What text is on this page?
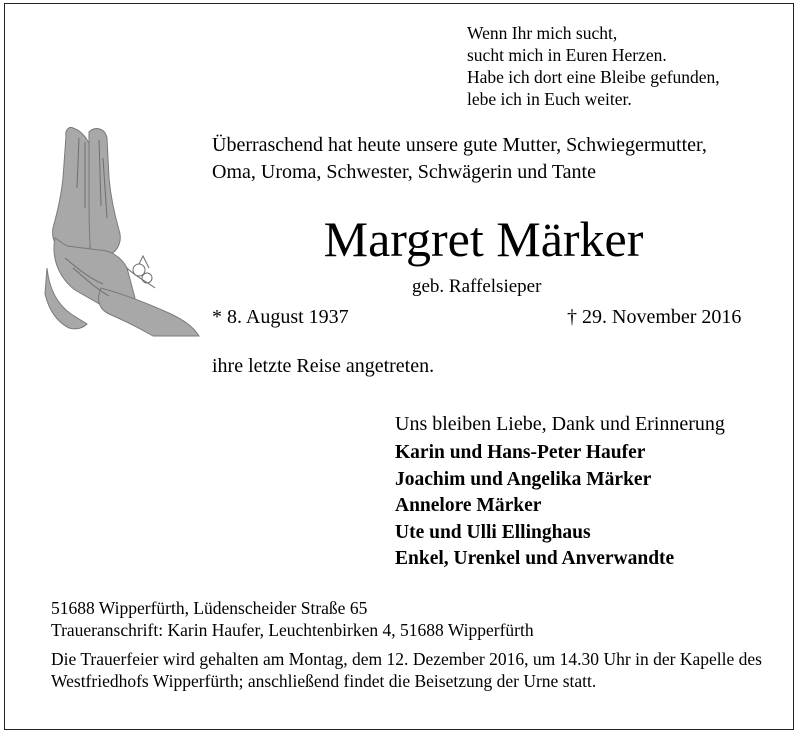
Wenn Ihr mich sucht,
sucht mich in Euren Herzen.
Habe ich dort eine Bleibe gefunden,
lebe ich in Euch weiter.
Überraschend hat heute unsere gute Mutter, Schwiegermutter,
Oma, Uroma, Schwester, Schwägerin und Tante
Margret Märker
geb. Raffelsieper
* 8. August 1937	† 29. November 2016
ihre letzte Reise angetreten.
Uns bleiben Liebe, Dank und Erinnerung
Karin und Hans-Peter Haufer
Joachim und Angelika Märker
Annelore Märker
Ute und Ulli Ellinghaus
Enkel, Urenkel und Anverwandte
51688 Wipperfürth, Lüdenscheider Straße 65
Traueranschrift: Karin Haufer, Leuchtenbirken 4, 51688 Wipperfürth
Die Trauerfeier wird gehalten am Montag, dem 12. Dezember 2016, um 14.30 Uhr in der Kapelle des Westfriedhofs Wipperfürth; anschließend findet die Beisetzung der Urne statt.
